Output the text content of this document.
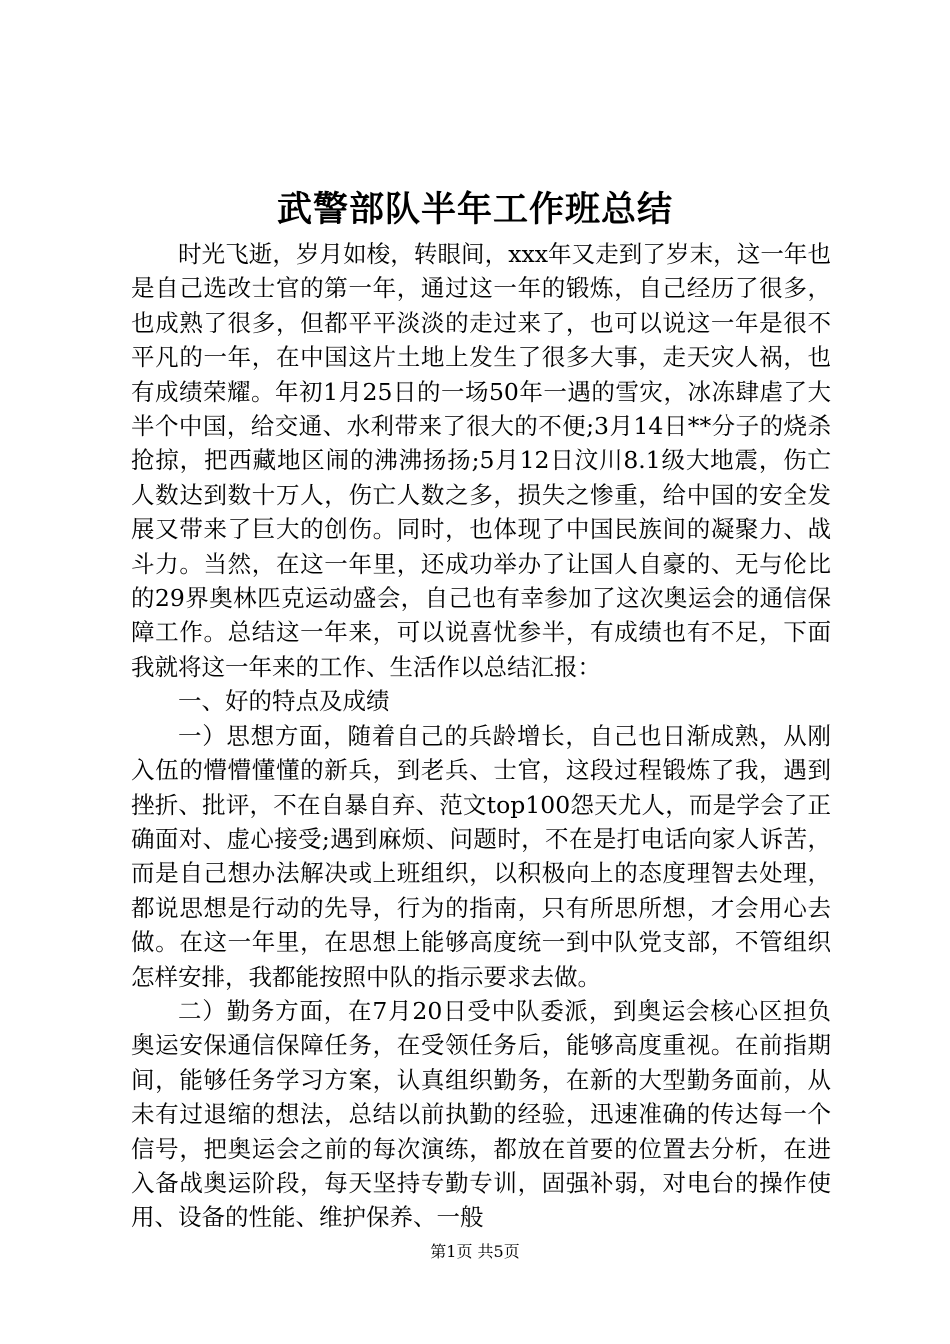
武警部队半年工作班总结

时光飞逝，岁月如梭，转眼间，xxx年又走到了岁末，这一年也是自己选改士官的第一年，通过这一年的锻炼，自己经历了很多，也成熟了很多，但都平平淡淡的走过来了，也可以说这一年是很不平凡的一年，在中国这片土地上发生了很多大事，走天灾人祸，也有成绩荣耀。年初1月25日的一场50年一遇的雪灾，冰冻肆虐了大半个中国，给交通、水利带来了很大的不便;3月14日**分子的烧杀抢掠，把西藏地区闹的沸沸扬扬;5月12日汶川8.1级大地震，伤亡人数达到数十万人，伤亡人数之多，损失之惨重，给中国的安全发展又带来了巨大的创伤。同时，也体现了中国民族间的凝聚力、战斗力。当然，在这一年里，还成功举办了让国人自豪的、无与伦比的29界奥林匹克运动盛会，自己也有幸参加了这次奥运会的通信保障工作。总结这一年来，可以说喜忧参半，有成绩也有不足，下面我就将这一年来的工作、生活作以总结汇报：

一、好的特点及成绩

一）思想方面，随着自己的兵龄增长，自己也日渐成熟，从刚入伍的懵懵懂懂的新兵，到老兵、士官，这段过程锻炼了我，遇到挫折、批评，不在自暴自弃、范文top100怨天尤人，而是学会了正确面对、虚心接受;遇到麻烦、问题时，不在是打电话向家人诉苦，而是自己想办法解决或上班组织，以积极向上的态度理智去处理，都说思想是行动的先导，行为的指南，只有所思所想，才会用心去做。在这一年里，在思想上能够高度统一到中队党支部，不管组织怎样安排，我都能按照中队的指示要求去做。

二）勤务方面，在7月20日受中队委派，到奥运会核心区担负奥运安保通信保障任务，在受领任务后，能够高度重视。在前指期间，能够任务学习方案，认真组织勤务，在新的大型勤务面前，从未有过退缩的想法，总结以前执勤的经验，迅速准确的传达每一个信号，把奥运会之前的每次演练，都放在首要的位置去分析，在进入备战奥运阶段，每天坚持专勤专训，固强补弱，对电台的操作使用、设备的性能、维护保养、一般

第1页 共5页
